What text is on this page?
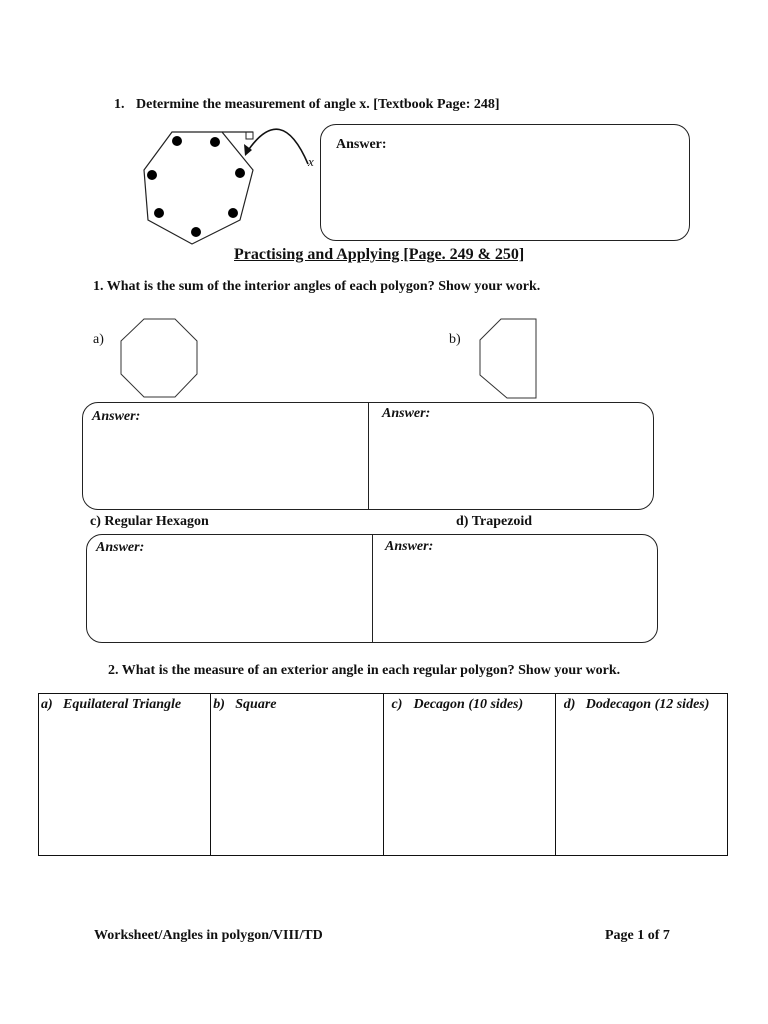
1. Determine the measurement of angle x. [Textbook Page: 248]
x
Answer:
Practising and Applying [Page. 249 & 250]
1. What is the sum of the interior angles of each polygon? Show your work.
a)	b)
Answer:	Answer:
c) Regular Hexagon	d) Trapezoid
Answer:	Answer:
2. What is the measure of an exterior angle in each regular polygon? Show your work.
a) Equilateral Triangle	b) Square	c) Decagon (10 sides)	d) Dodecagon (12 sides)
Worksheet/Angles in polygon/VIII/TD	Page 1 of 7
